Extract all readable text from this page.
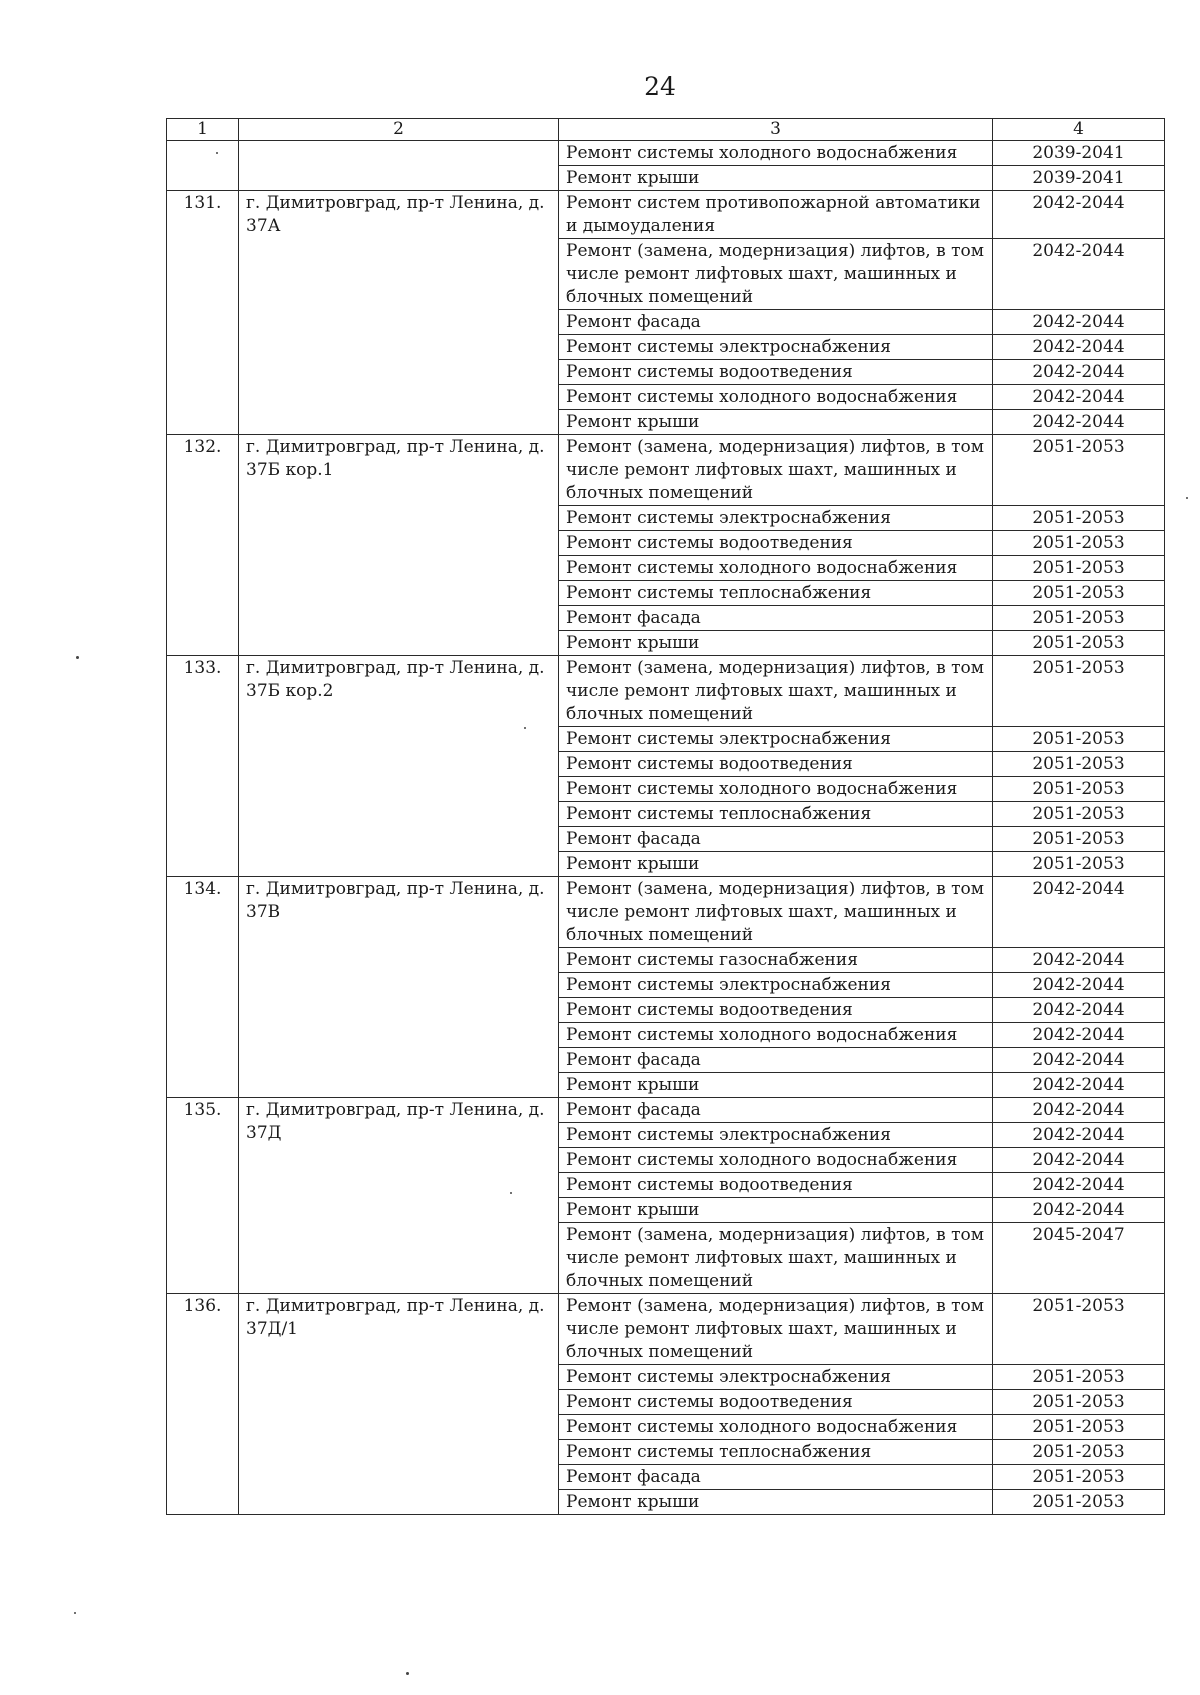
24
1	2	3	4
		Ремонт системы холодного водоснабжения	2039-2041
		Ремонт крыши	2039-2041
131.	г. Димитровград, пр-т Ленина, д. 37А	Ремонт систем противопожарной автоматики и дымоудаления	2042-2044
		Ремонт (замена, модернизация) лифтов, в том числе ремонт лифтовых шахт, машинных и блочных помещений	2042-2044
		Ремонт фасада	2042-2044
		Ремонт системы электроснабжения	2042-2044
		Ремонт системы водоотведения	2042-2044
		Ремонт системы холодного водоснабжения	2042-2044
		Ремонт крыши	2042-2044
132.	г. Димитровград, пр-т Ленина, д. 37Б кор.1	Ремонт (замена, модернизация) лифтов, в том числе ремонт лифтовых шахт, машинных и блочных помещений	2051-2053
		Ремонт системы электроснабжения	2051-2053
		Ремонт системы водоотведения	2051-2053
		Ремонт системы холодного водоснабжения	2051-2053
		Ремонт системы теплоснабжения	2051-2053
		Ремонт фасада	2051-2053
		Ремонт крыши	2051-2053
133.	г. Димитровград, пр-т Ленина, д. 37Б кор.2	Ремонт (замена, модернизация) лифтов, в том числе ремонт лифтовых шахт, машинных и блочных помещений	2051-2053
		Ремонт системы электроснабжения	2051-2053
		Ремонт системы водоотведения	2051-2053
		Ремонт системы холодного водоснабжения	2051-2053
		Ремонт системы теплоснабжения	2051-2053
		Ремонт фасада	2051-2053
		Ремонт крыши	2051-2053
134.	г. Димитровград, пр-т Ленина, д. 37В	Ремонт (замена, модернизация) лифтов, в том числе ремонт лифтовых шахт, машинных и блочных помещений	2042-2044
		Ремонт системы газоснабжения	2042-2044
		Ремонт системы электроснабжения	2042-2044
		Ремонт системы водоотведения	2042-2044
		Ремонт системы холодного водоснабжения	2042-2044
		Ремонт фасада	2042-2044
		Ремонт крыши	2042-2044
135.	г. Димитровград, пр-т Ленина, д. 37Д	Ремонт фасада	2042-2044
		Ремонт системы электроснабжения	2042-2044
		Ремонт системы холодного водоснабжения	2042-2044
		Ремонт системы водоотведения	2042-2044
		Ремонт крыши	2042-2044
		Ремонт (замена, модернизация) лифтов, в том числе ремонт лифтовых шахт, машинных и блочных помещений	2045-2047
136.	г. Димитровград, пр-т Ленина, д. 37Д/1	Ремонт (замена, модернизация) лифтов, в том числе ремонт лифтовых шахт, машинных и блочных помещений	2051-2053
		Ремонт системы электроснабжения	2051-2053
		Ремонт системы водоотведения	2051-2053
		Ремонт системы холодного водоснабжения	2051-2053
		Ремонт системы теплоснабжения	2051-2053
		Ремонт фасада	2051-2053
		Ремонт крыши	2051-2053
